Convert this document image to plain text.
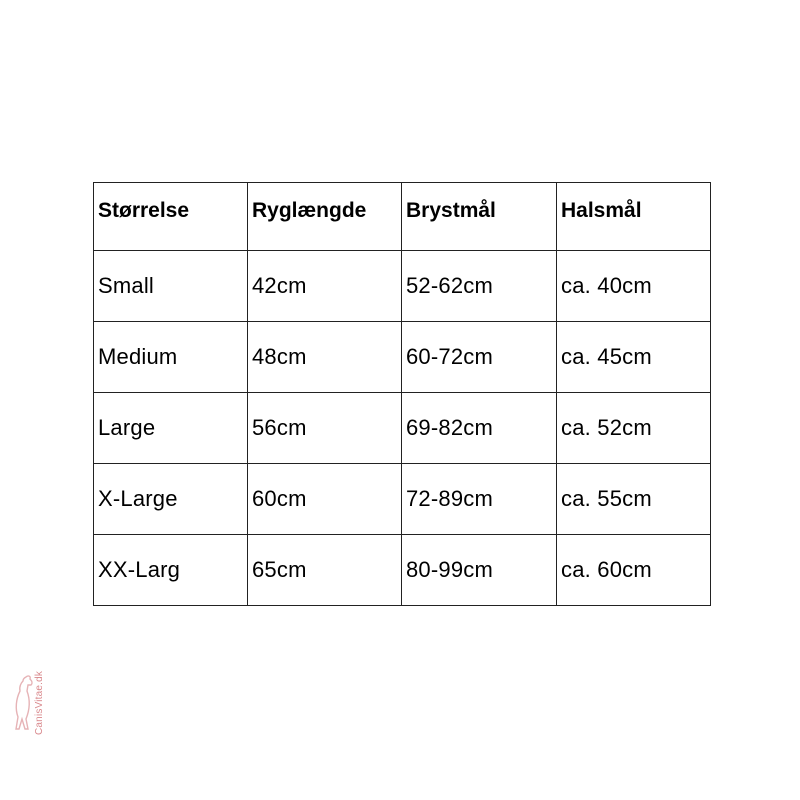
Størrelse	Ryglængde	Brystmål	Halsmål
Small	42cm	52-62cm	ca. 40cm
Medium	48cm	60-72cm	ca. 45cm
Large	56cm	69-82cm	ca. 52cm
X-Large	60cm	72-89cm	ca. 55cm
XX-Larg	65cm	80-99cm	ca. 60cm
CanisVitae.dk
